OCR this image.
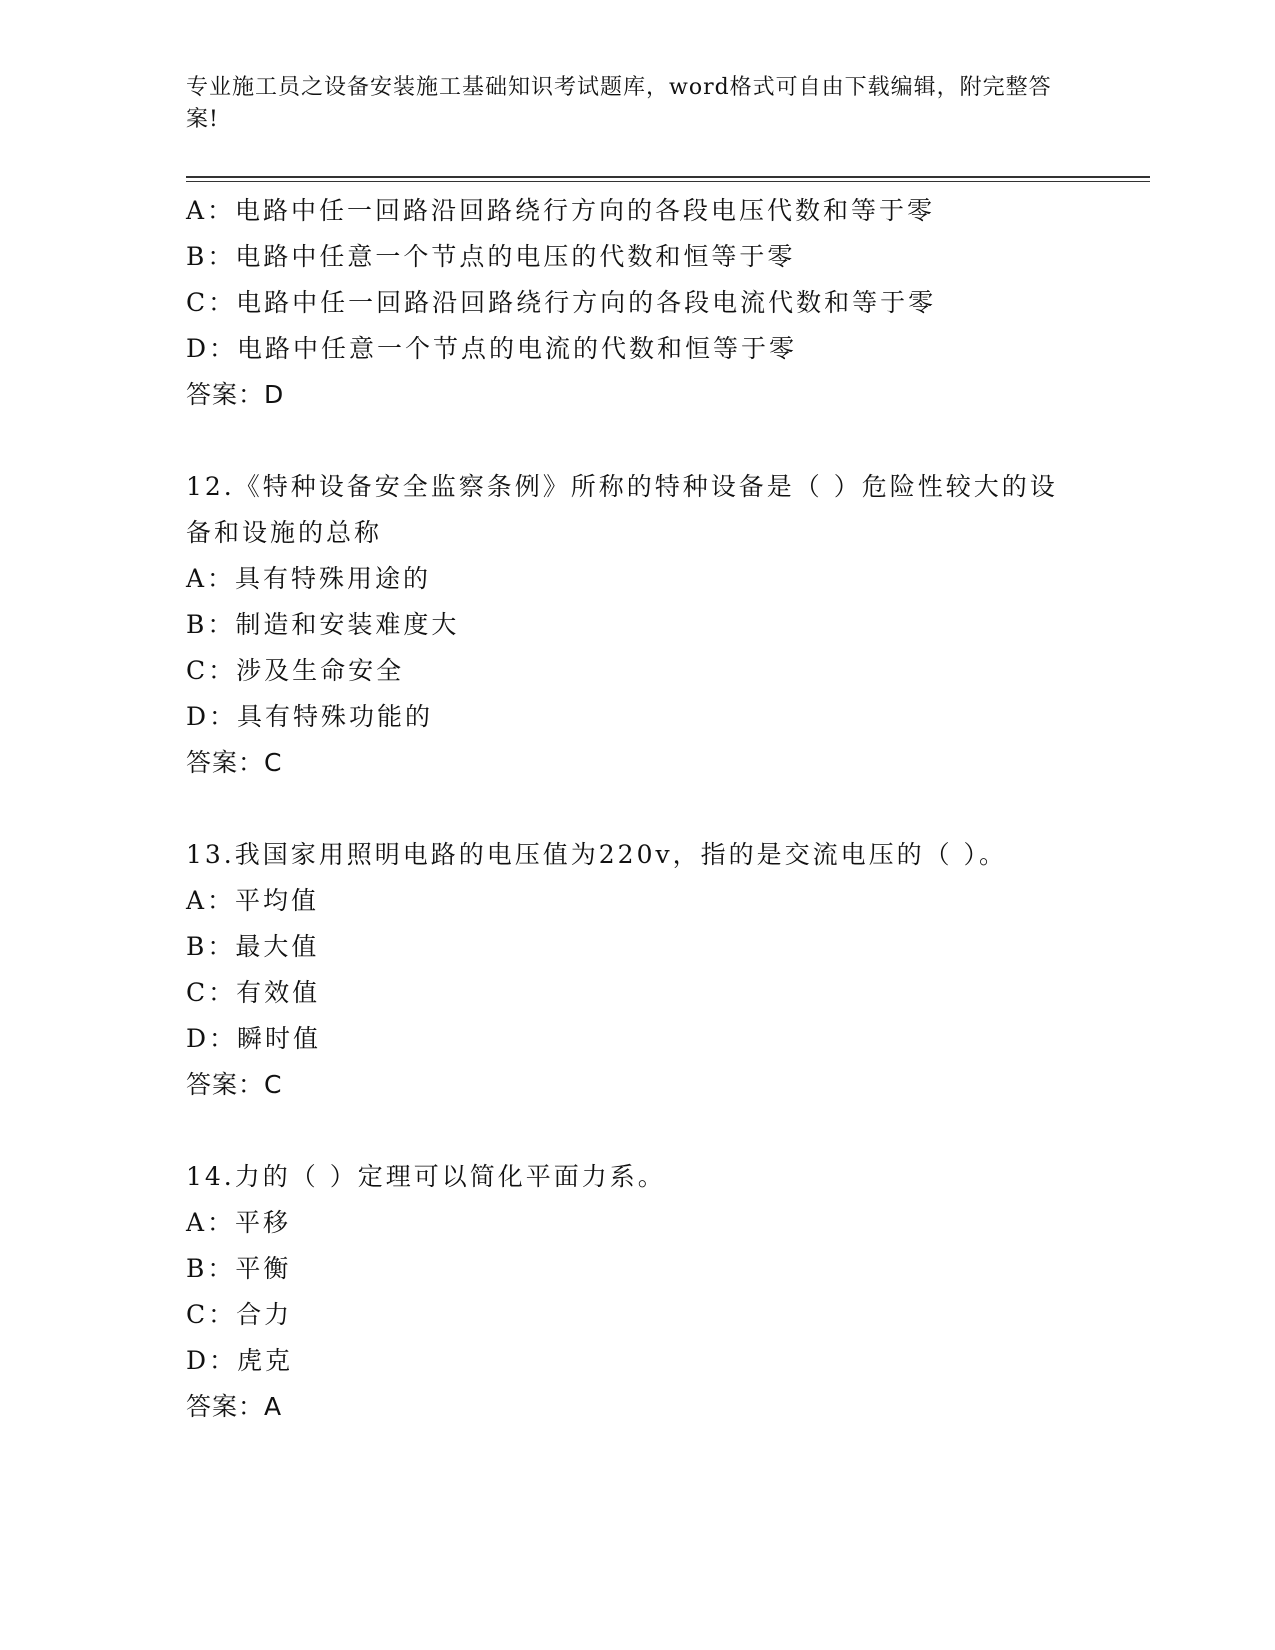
专业施工员之设备安装施工基础知识考试题库，word格式可自由下载编辑，附完整答案!
A：电路中任一回路沿回路绕行方向的各段电压代数和等于零
B：电路中任意一个节点的电压的代数和恒等于零
C：电路中任一回路沿回路绕行方向的各段电流代数和等于零
D：电路中任意一个节点的电流的代数和恒等于零
答案：D
12.《特种设备安全监察条例》所称的特种设备是（ ）危险性较大的设备和设施的总称
A：具有特殊用途的
B：制造和安装难度大
C：涉及生命安全
D：具有特殊功能的
答案：C
13.我国家用照明电路的电压值为220v，指的是交流电压的（ ）。
A：平均值
B：最大值
C：有效值
D：瞬时值
答案：C
14.力的（ ）定理可以简化平面力系。
A：平移
B：平衡
C：合力
D：虎克
答案：A
